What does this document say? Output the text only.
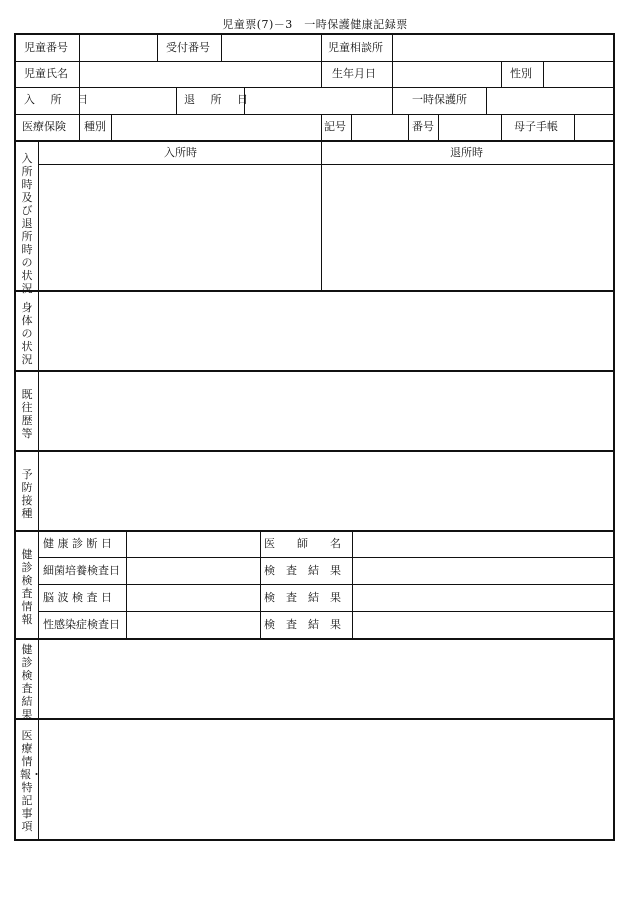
児童票(7)－3　一時保護健康記録票
児童番号	受付番号	児童相談所
児童氏名	生年月日	性別
入 所 日	退 所 日	一時保護所
医療保険 種別	記号	番号	母子手帳
入所時及び退所時の状況
入所時	退所時
身体の状況
既往歴等
予防接種
健診検査情報
健 康 診 断 日	医　　師　　名
細菌培養検査日	検　査　結　果
脳 波 検 査 日	検　査　結　果
性感染症検査日	検　査　結　果
健診検査結果
医療情報・特記事項
